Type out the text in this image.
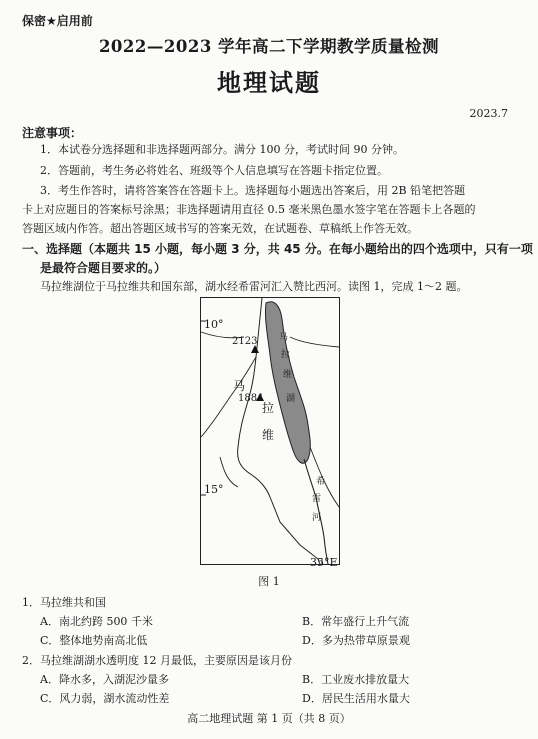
保密★启用前
2022—2023 学年高二下学期教学质量检测
地理试题
2023.7
注意事项：
1．本试卷分选择题和非选择题两部分。满分 100 分，考试时间 90 分钟。
2．答题前，考生务必将姓名、班级等个人信息填写在答题卡指定位置。
3．考生作答时，请将答案答在答题卡上。选择题每小题选出答案后，用 2B 铅笔把答题
卡上对应题目的答案标号涂黑；非选择题请用直径 0.5 毫米黑色墨水签字笔在答题卡上各题的
答题区域内作答。超出答题区域书写的答案无效，在试题卷、草稿纸上作答无效。
一、选择题（本题共 15 小题，每小题 3 分，共 45 分。在每小题给出的四个选项中，只有一项
是最符合题目要求的。）
马拉维湖位于马拉维共和国东部，湖水经希雷河汇入赞比西河。读图 1，完成 1～2 题。
10°
15°
35°E
2123
1884
马
拉
维
马
拉
维
湖
希
雷
河
图 1
1．马拉维共和国
A．南北约跨 500 千米	B．常年盛行上升气流
C．整体地势南高北低	D．多为热带草原景观
2．马拉维湖湖水透明度 12 月最低，主要原因是该月份
A．降水多，入湖泥沙量多	B．工业废水排放量大
C．风力弱，湖水流动性差	D．居民生活用水量大
高二地理试题 第 1 页（共 8 页）
